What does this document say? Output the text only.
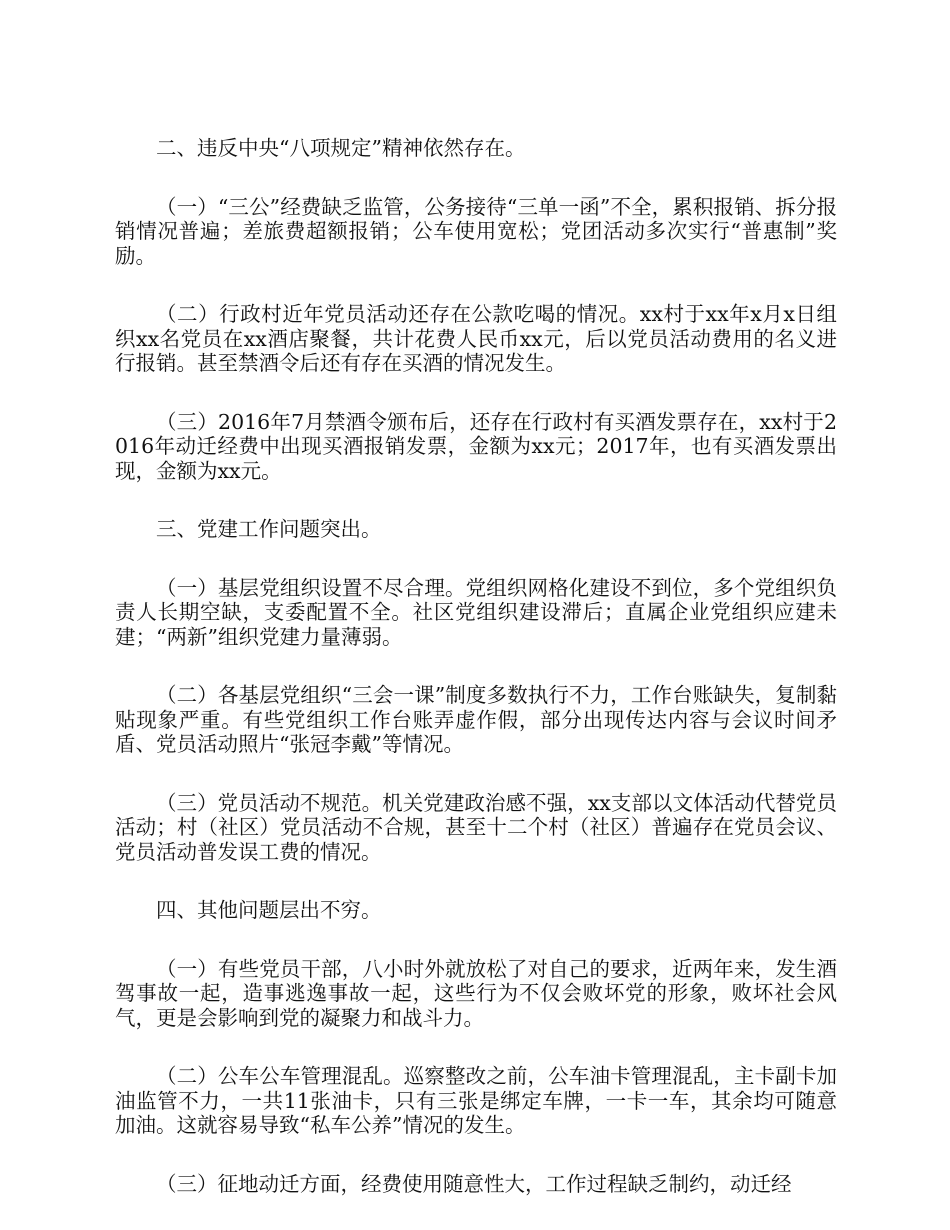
二、违反中央“八项规定”精神依然存在。

（一）“三公”经费缺乏监管，公务接待“三单一函”不全，累积报销、拆分报销情况普遍；差旅费超额报销；公车使用宽松；党团活动多次实行“普惠制”奖励。

（二）行政村近年党员活动还存在公款吃喝的情况。xx村于xx年x月x日组织xx名党员在xx酒店聚餐，共计花费人民币xx元，后以党员活动费用的名义进行报销。甚至禁酒令后还有存在买酒的情况发生。

（三）2016年7月禁酒令颁布后，还存在行政村有买酒发票存在，xx村于2016年动迁经费中出现买酒报销发票，金额为xx元；2017年，也有买酒发票出现，金额为xx元。

三、党建工作问题突出。

（一）基层党组织设置不尽合理。党组织网格化建设不到位，多个党组织负责人长期空缺，支委配置不全。社区党组织建设滞后；直属企业党组织应建未建；“两新”组织党建力量薄弱。

（二）各基层党组织“三会一课”制度多数执行不力，工作台账缺失，复制黏贴现象严重。有些党组织工作台账弄虚作假，部分出现传达内容与会议时间矛盾、党员活动照片“张冠李戴”等情况。

（三）党员活动不规范。机关党建政治感不强，xx支部以文体活动代替党员活动；村（社区）党员活动不合规，甚至十二个村（社区）普遍存在党员会议、党员活动普发误工费的情况。

四、其他问题层出不穷。

（一）有些党员干部，八小时外就放松了对自己的要求，近两年来，发生酒驾事故一起，造事逃逸事故一起，这些行为不仅会败坏党的形象，败坏社会风气，更是会影响到党的凝聚力和战斗力。

（二）公车公车管理混乱。巡察整改之前，公车油卡管理混乱，主卡副卡加油监管不力，一共11张油卡，只有三张是绑定车牌，一卡一车，其余均可随意加油。这就容易导致“私车公养”情况的发生。

（三）征地动迁方面，经费使用随意性大，工作过程缺乏制约，动迁经
